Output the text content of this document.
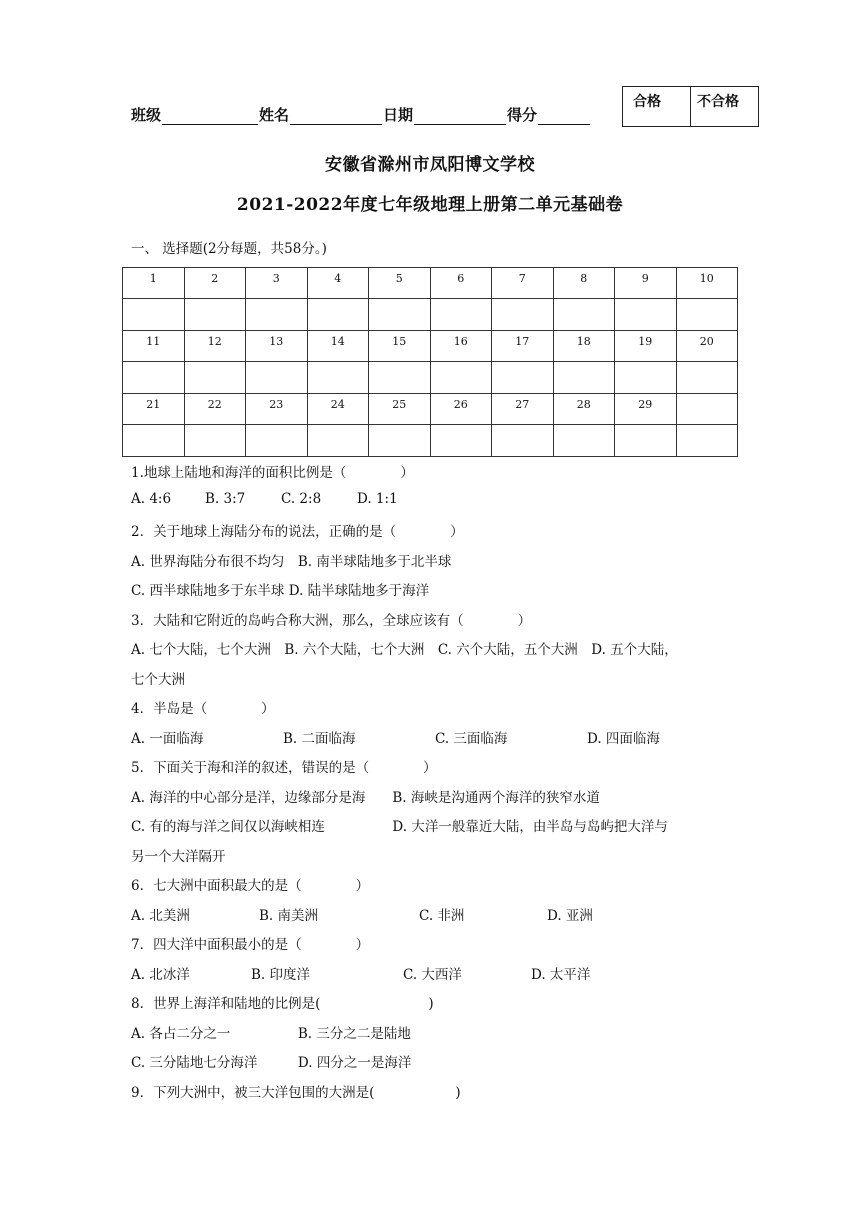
班级	姓名	日期	得分
合格	不合格
安徽省滁州市凤阳博文学校
2021-2022年度七年级地理上册第二单元基础卷
一、 选择题(2分每题，共58分。)
1	2	3	4	5	6	7	8	9	10

11	12	13	14	15	16	17	18	19	20

21	22	23	24	25	26	27	28	29	

1.地球上陆地和海洋的面积比例是（　　　　）
A. 4:6	B. 3:7	C. 2:8	D. 1:1
2．关于地球上海陆分布的说法，正确的是（　　　　）
A. 世界海陆分布很不均匀　B. 南半球陆地多于北半球
C. 西半球陆地多于东半球 D. 陆半球陆地多于海洋
3．大陆和它附近的岛屿合称大洲，那么，全球应该有（　　　　）
A. 七个大陆，七个大洲　B. 六个大陆，七个大洲　C. 六个大陆，五个大洲　D. 五个大陆，
七个大洲
4．半岛是（　　　　）
A. 一面临海	B. 二面临海	C. 三面临海	D. 四面临海
5．下面关于海和洋的叙述，错误的是（　　　　）
A. 海洋的中心部分是洋，边缘部分是海　　B. 海峡是沟通两个海洋的狭窄水道
C. 有的海与洋之间仅以海峡相连　　　　　D. 大洋一般靠近大陆，由半岛与岛屿把大洋与
另一个大洋隔开
6．七大洲中面积最大的是（　　　　）
A. 北美洲	B. 南美洲	C. 非洲	D. 亚洲
7．四大洋中面积最小的是（　　　　）
A. 北冰洋	B. 印度洋	C. 大西洋	D. 太平洋
8．世界上海洋和陆地的比例是(　　　　　　　　)
A. 各占二分之一　　　　　B. 三分之二是陆地
C. 三分陆地七分海洋　　　D. 四分之一是海洋
9．下列大洲中，被三大洋包围的大洲是(　　　　　　)
